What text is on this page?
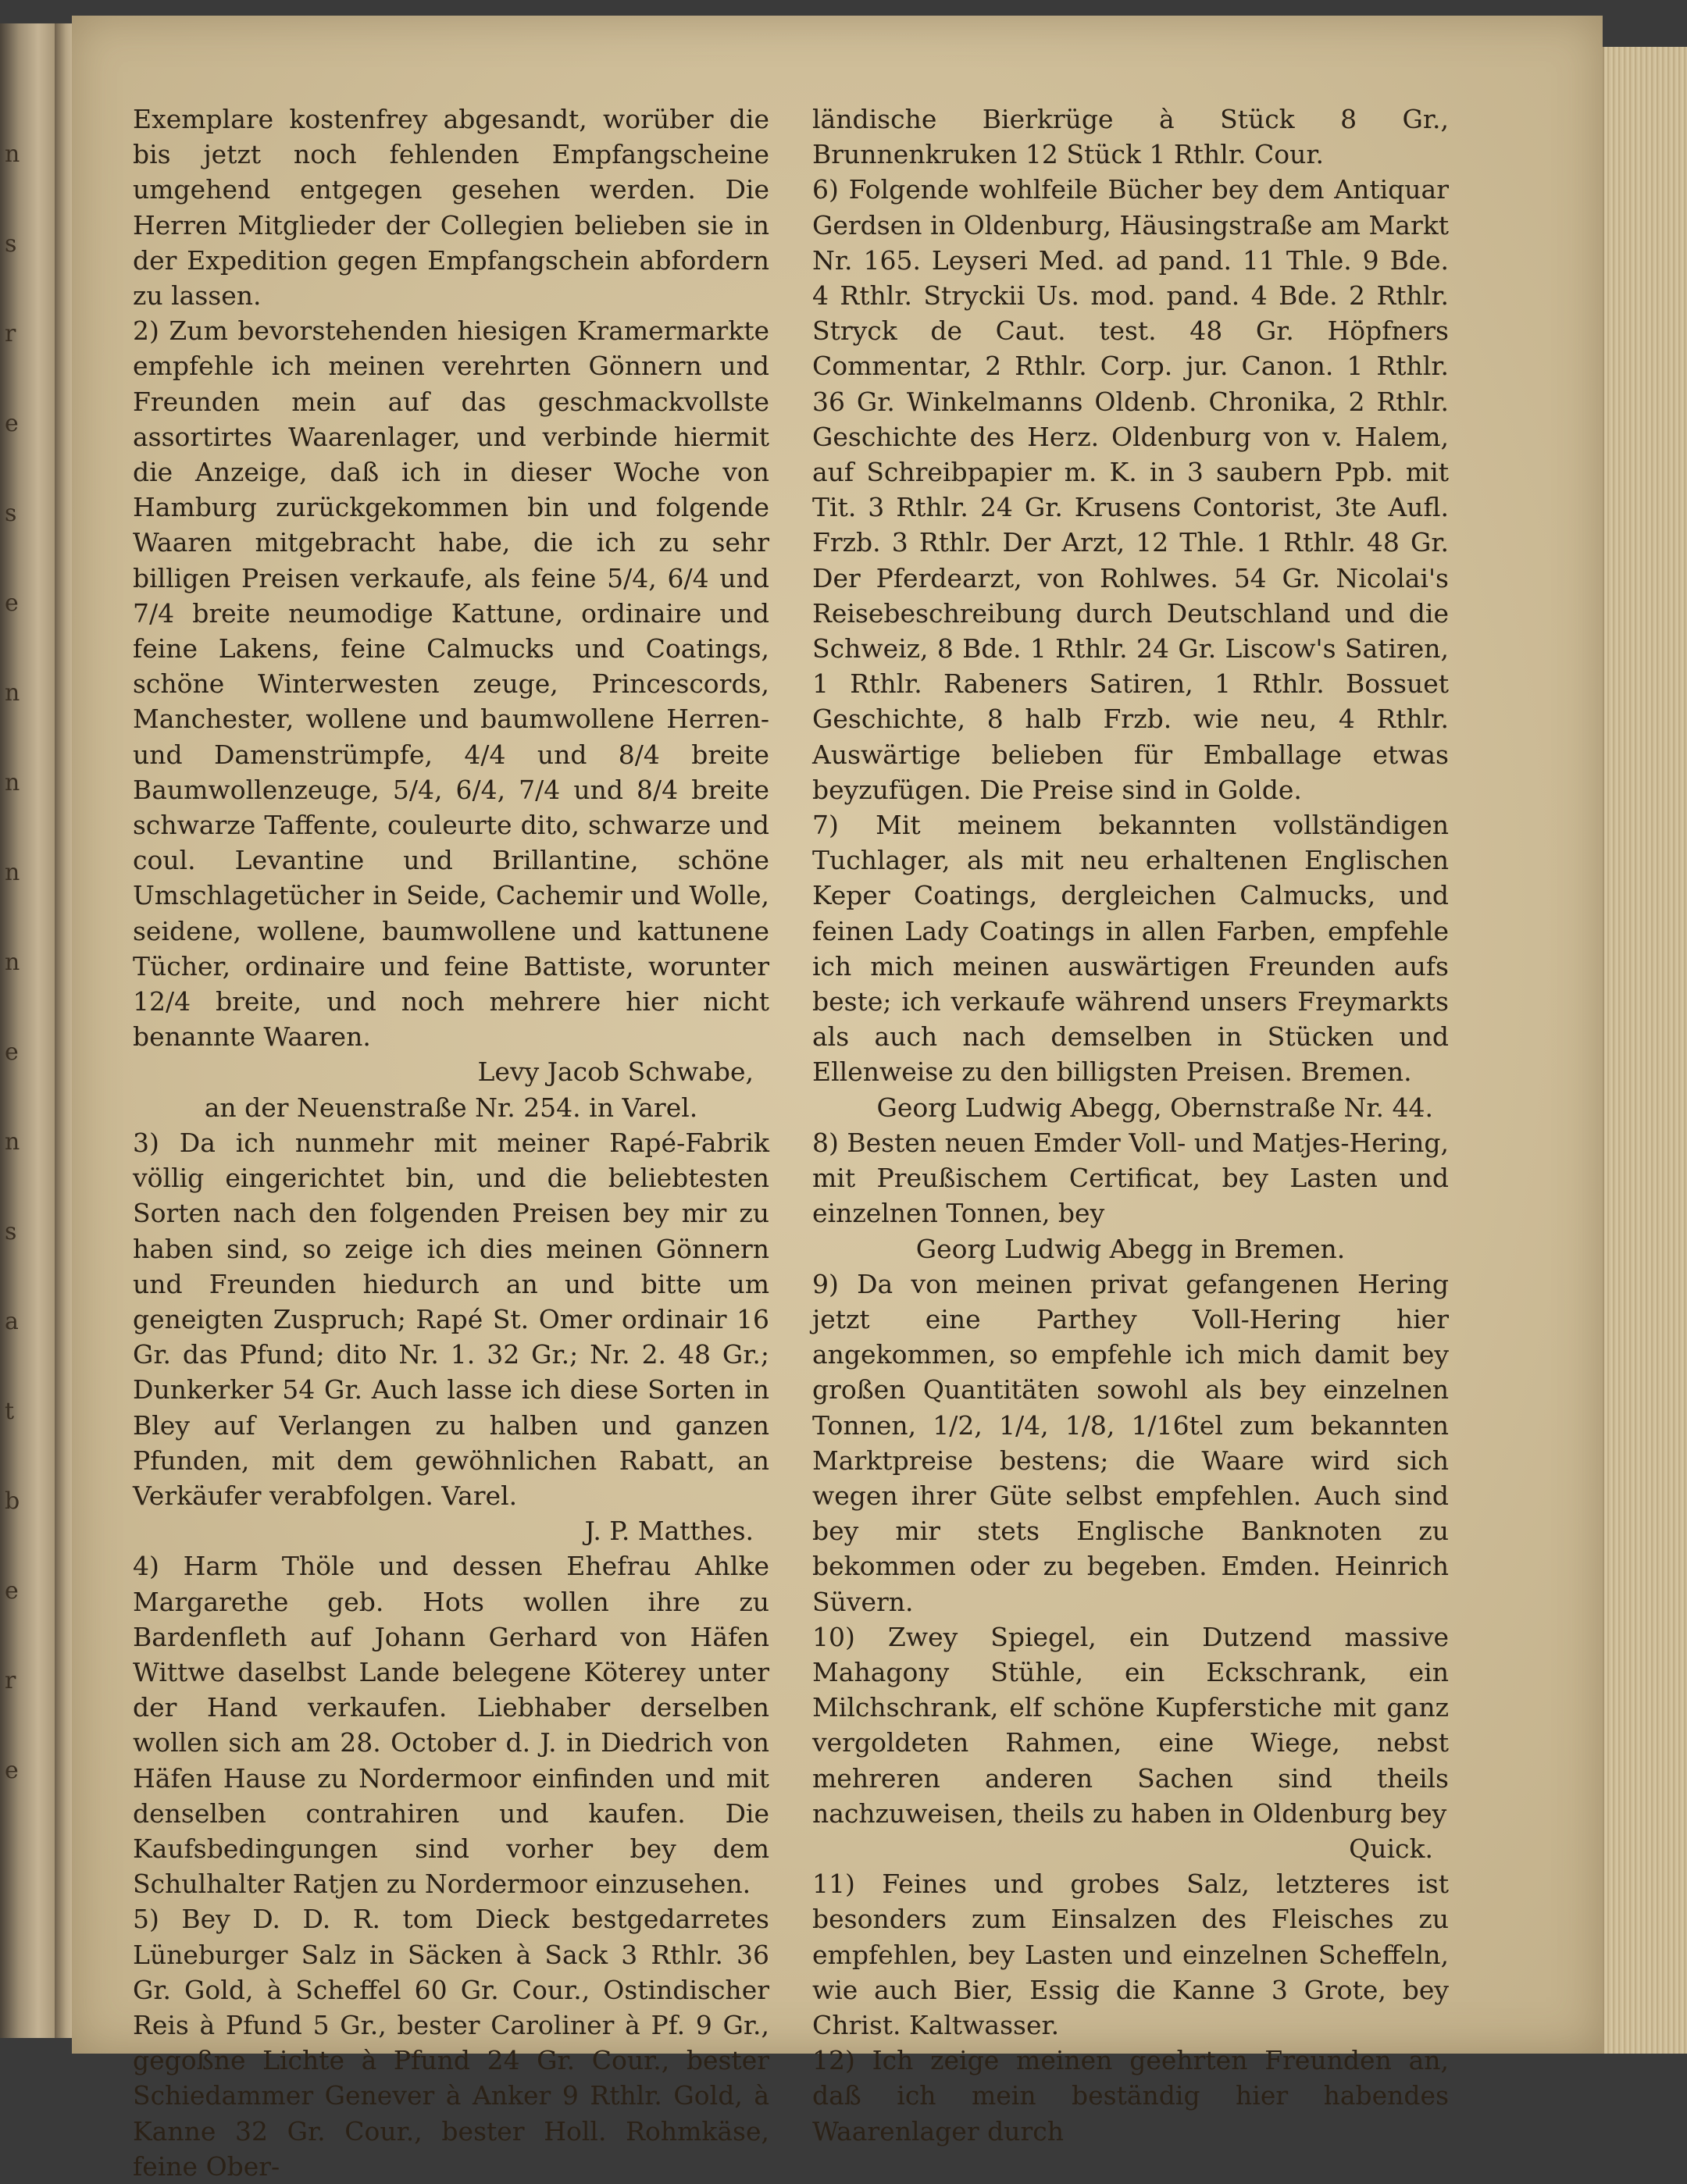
n
s
r
e
s
e
n
n
n
n
e
n
s
a
t
b
e
r
e

Exemplare kostenfrey abgesandt, worüber die bis jetzt noch fehlenden Empfangscheine umgehend entgegen gesehen werden. Die Herren Mitglieder der Collegien belieben sie in der Expedition gegen Empfangschein abfordern zu lassen.

2) Zum bevorstehenden hiesigen Kramermarkte empfehle ich meinen verehrten Gönnern und Freunden mein auf das geschmackvollste assortirtes Waarenlager, und verbinde hiermit die Anzeige, daß ich in dieser Woche von Hamburg zurückgekommen bin und folgende Waaren mitgebracht habe, die ich zu sehr billigen Preisen verkaufe, als feine 5/4, 6/4 und 7/4 breite neumodige Kattune, ordinaire und feine Lakens, feine Calmucks und Coatings, schöne Winterwesten zeuge, Princescords, Manchester, wollene und baumwollene Herren- und Damenstrümpfe, 4/4 und 8/4 breite Baumwollenzeuge, 5/4, 6/4, 7/4 und 8/4 breite schwarze Taffente, couleurte dito, schwarze und coul. Levantine und Brillantine, schöne Umschlagetücher in Seide, Cachemir und Wolle, seidene, wollene, baumwollene und kattunene Tücher, ordinaire und feine Battiste, worunter 12/4 breite, und noch mehrere hier nicht benannte Waaren.

Levy Jacob Schwabe,

an der Neuenstraße Nr. 254. in Varel.

3) Da ich nunmehr mit meiner Rapé-Fabrik völlig eingerichtet bin, und die beliebtesten Sorten nach den folgenden Preisen bey mir zu haben sind, so zeige ich dies meinen Gönnern und Freunden hiedurch an und bitte um geneigten Zuspruch; Rapé St. Omer ordinair 16 Gr. das Pfund; dito Nr. 1. 32 Gr.; Nr. 2. 48 Gr.; Dunkerker 54 Gr. Auch lasse ich diese Sorten in Bley auf Verlangen zu halben und ganzen Pfunden, mit dem gewöhnlichen Rabatt, an Verkäufer verabfolgen. Varel.

J. P. Matthes.

4) Harm Thöle und dessen Ehefrau Ahlke Margarethe geb. Hots wollen ihre zu Bardenfleth auf Johann Gerhard von Häfen Wittwe daselbst Lande belegene Köterey unter der Hand verkaufen. Liebhaber derselben wollen sich am 28. October d. J. in Diedrich von Häfen Hause zu Nordermoor einfinden und mit denselben contrahiren und kaufen. Die Kaufsbedingungen sind vorher bey dem Schulhalter Ratjen zu Nordermoor einzusehen.

5) Bey D. D. R. tom Dieck bestgedarretes Lüneburger Salz in Säcken à Sack 3 Rthlr. 36 Gr. Gold, à Scheffel 60 Gr. Cour., Ostindischer Reis à Pfund 5 Gr., bester Caroliner à Pf. 9 Gr., gegoßne Lichte à Pfund 24 Gr. Cour., bester Schiedammer Genever à Anker 9 Rthlr. Gold, à Kanne 32 Gr. Cour., bester Holl. Rohmkäse, feine Ober-

ländische Bierkrüge à Stück 8 Gr., Brunnenkruken 12 Stück 1 Rthlr. Cour.

6) Folgende wohlfeile Bücher bey dem Antiquar Gerdsen in Oldenburg, Häusingstraße am Markt Nr. 165. Leyseri Med. ad pand. 11 Thle. 9 Bde. 4 Rthlr. Stryckii Us. mod. pand. 4 Bde. 2 Rthlr. Stryck de Caut. test. 48 Gr. Höpfners Commentar, 2 Rthlr. Corp. jur. Canon. 1 Rthlr. 36 Gr. Winkelmanns Oldenb. Chronika, 2 Rthlr. Geschichte des Herz. Oldenburg von v. Halem, auf Schreibpapier m. K. in 3 saubern Ppb. mit Tit. 3 Rthlr. 24 Gr. Krusens Contorist, 3te Aufl. Frzb. 3 Rthlr. Der Arzt, 12 Thle. 1 Rthlr. 48 Gr. Der Pferdearzt, von Rohlwes. 54 Gr. Nicolai's Reisebeschreibung durch Deutschland und die Schweiz, 8 Bde. 1 Rthlr. 24 Gr. Liscow's Satiren, 1 Rthlr. Rabeners Satiren, 1 Rthlr. Bossuet Geschichte, 8 halb Frzb. wie neu, 4 Rthlr. Auswärtige belieben für Emballage etwas beyzufügen. Die Preise sind in Golde.

7) Mit meinem bekannten vollständigen Tuchlager, als mit neu erhaltenen Englischen Keper Coatings, dergleichen Calmucks, und feinen Lady Coatings in allen Farben, empfehle ich mich meinen auswärtigen Freunden aufs beste; ich verkaufe während unsers Freymarkts als auch nach demselben in Stücken und Ellenweise zu den billigsten Preisen. Bremen.

Georg Ludwig Abegg, Obernstraße Nr. 44.

8) Besten neuen Emder Voll- und Matjes-Hering, mit Preußischem Certificat, bey Lasten und einzelnen Tonnen, bey

Georg Ludwig Abegg in Bremen.

9) Da von meinen privat gefangenen Hering jetzt eine Parthey Voll-Hering hier angekommen, so empfehle ich mich damit bey großen Quantitäten sowohl als bey einzelnen Tonnen, 1/2, 1/4, 1/8, 1/16tel zum bekannten Marktpreise bestens; die Waare wird sich wegen ihrer Güte selbst empfehlen. Auch sind bey mir stets Englische Banknoten zu bekommen oder zu begeben. Emden. Heinrich Süvern.

10) Zwey Spiegel, ein Dutzend massive Mahagony Stühle, ein Eckschrank, ein Milchschrank, elf schöne Kupferstiche mit ganz vergoldeten Rahmen, eine Wiege, nebst mehreren anderen Sachen sind theils nachzuweisen, theils zu haben in Oldenburg bey

Quick.

11) Feines und grobes Salz, letzteres ist besonders zum Einsalzen des Fleisches zu empfehlen, bey Lasten und einzelnen Scheffeln, wie auch Bier, Essig die Kanne 3 Grote, bey Christ. Kaltwasser.

12) Ich zeige meinen geehrten Freunden an, daß ich mein beständig hier habendes Waarenlager durch
